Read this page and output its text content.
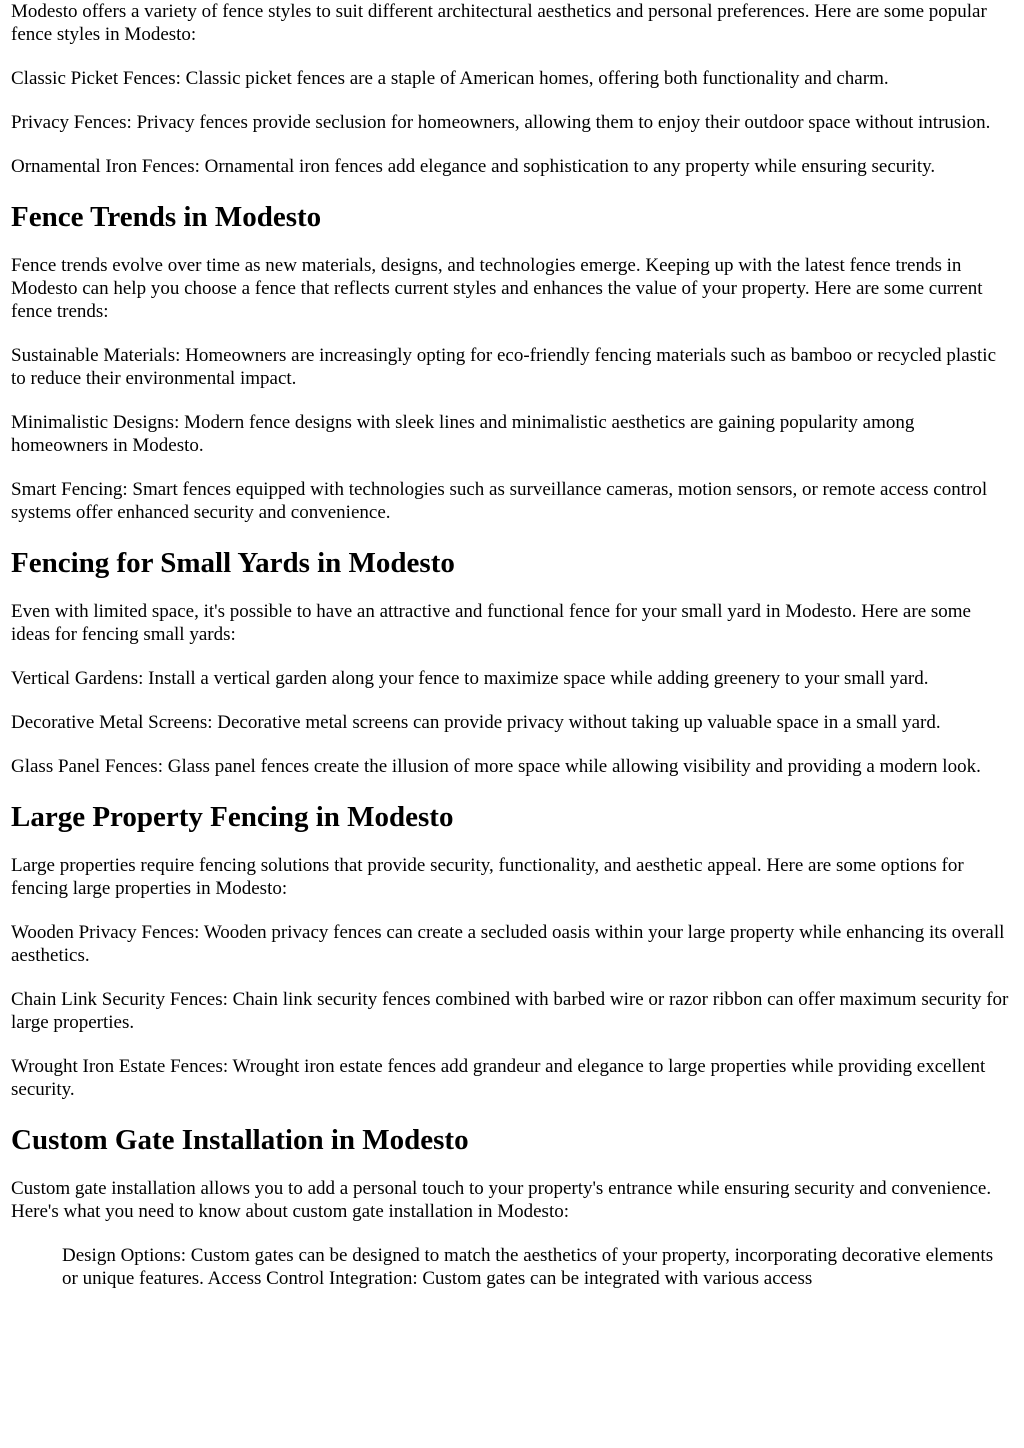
Modesto offers a variety of fence styles to suit different architectural aesthetics and personal preferences. Here are some popular fence styles in Modesto:

Classic Picket Fences: Classic picket fences are a staple of American homes, offering both functionality and charm.

Privacy Fences: Privacy fences provide seclusion for homeowners, allowing them to enjoy their outdoor space without intrusion.

Ornamental Iron Fences: Ornamental iron fences add elegance and sophistication to any property while ensuring security.

Fence Trends in Modesto

Fence trends evolve over time as new materials, designs, and technologies emerge. Keeping up with the latest fence trends in Modesto can help you choose a fence that reflects current styles and enhances the value of your property. Here are some current fence trends:

Sustainable Materials: Homeowners are increasingly opting for eco-friendly fencing materials such as bamboo or recycled plastic to reduce their environmental impact.

Minimalistic Designs: Modern fence designs with sleek lines and minimalistic aesthetics are gaining popularity among homeowners in Modesto.

Smart Fencing: Smart fences equipped with technologies such as surveillance cameras, motion sensors, or remote access control systems offer enhanced security and convenience.

Fencing for Small Yards in Modesto

Even with limited space, it's possible to have an attractive and functional fence for your small yard in Modesto. Here are some ideas for fencing small yards:

Vertical Gardens: Install a vertical garden along your fence to maximize space while adding greenery to your small yard.

Decorative Metal Screens: Decorative metal screens can provide privacy without taking up valuable space in a small yard.

Glass Panel Fences: Glass panel fences create the illusion of more space while allowing visibility and providing a modern look.

Large Property Fencing in Modesto

Large properties require fencing solutions that provide security, functionality, and aesthetic appeal. Here are some options for fencing large properties in Modesto:

Wooden Privacy Fences: Wooden privacy fences can create a secluded oasis within your large property while enhancing its overall aesthetics.

Chain Link Security Fences: Chain link security fences combined with barbed wire or razor ribbon can offer maximum security for large properties.

Wrought Iron Estate Fences: Wrought iron estate fences add grandeur and elegance to large properties while providing excellent security.

Custom Gate Installation in Modesto

Custom gate installation allows you to add a personal touch to your property's entrance while ensuring security and convenience. Here's what you need to know about custom gate installation in Modesto:

Design Options: Custom gates can be designed to match the aesthetics of your property, incorporating decorative elements or unique features. Access Control Integration: Custom gates can be integrated with various access
